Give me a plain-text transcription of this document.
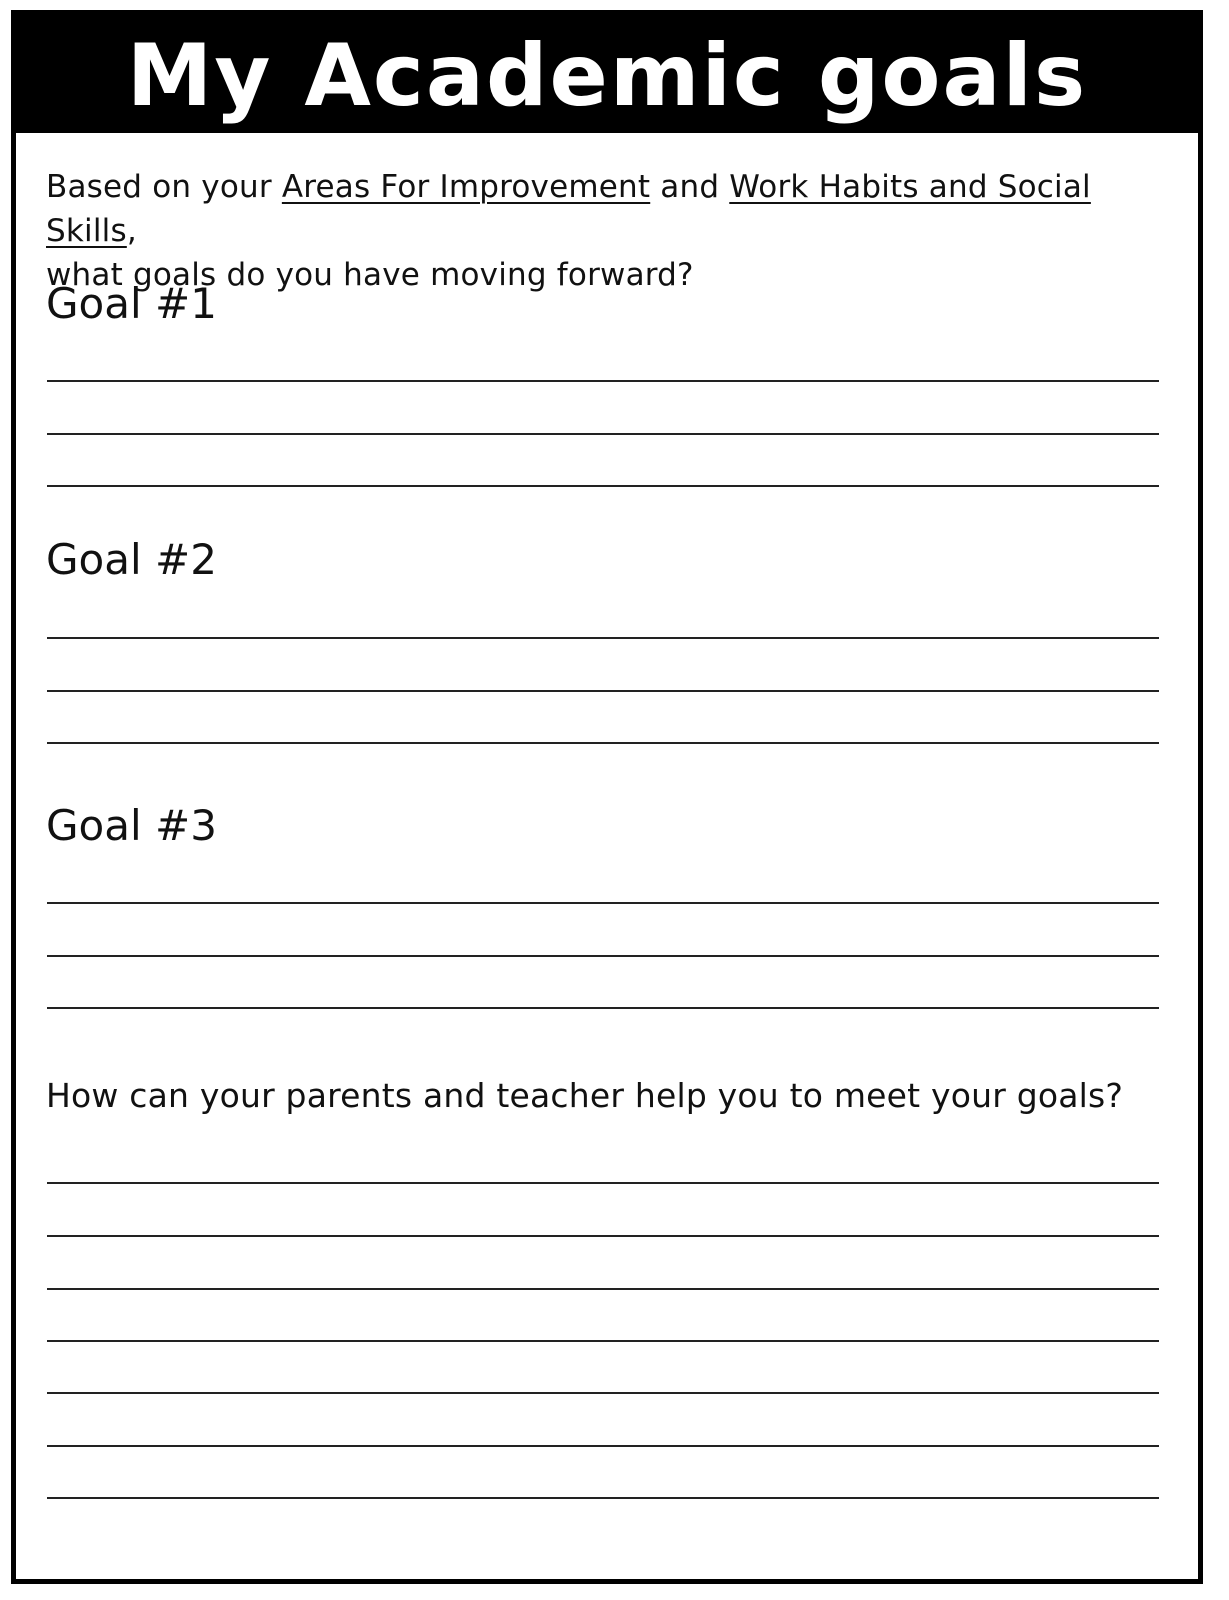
My Academic goals
Based on your Areas For Improvement and Work Habits and Social Skills,
what goals do you have moving forward?
Goal #1
Goal #2
Goal #3

How can your parents and teacher help you to meet your goals?
